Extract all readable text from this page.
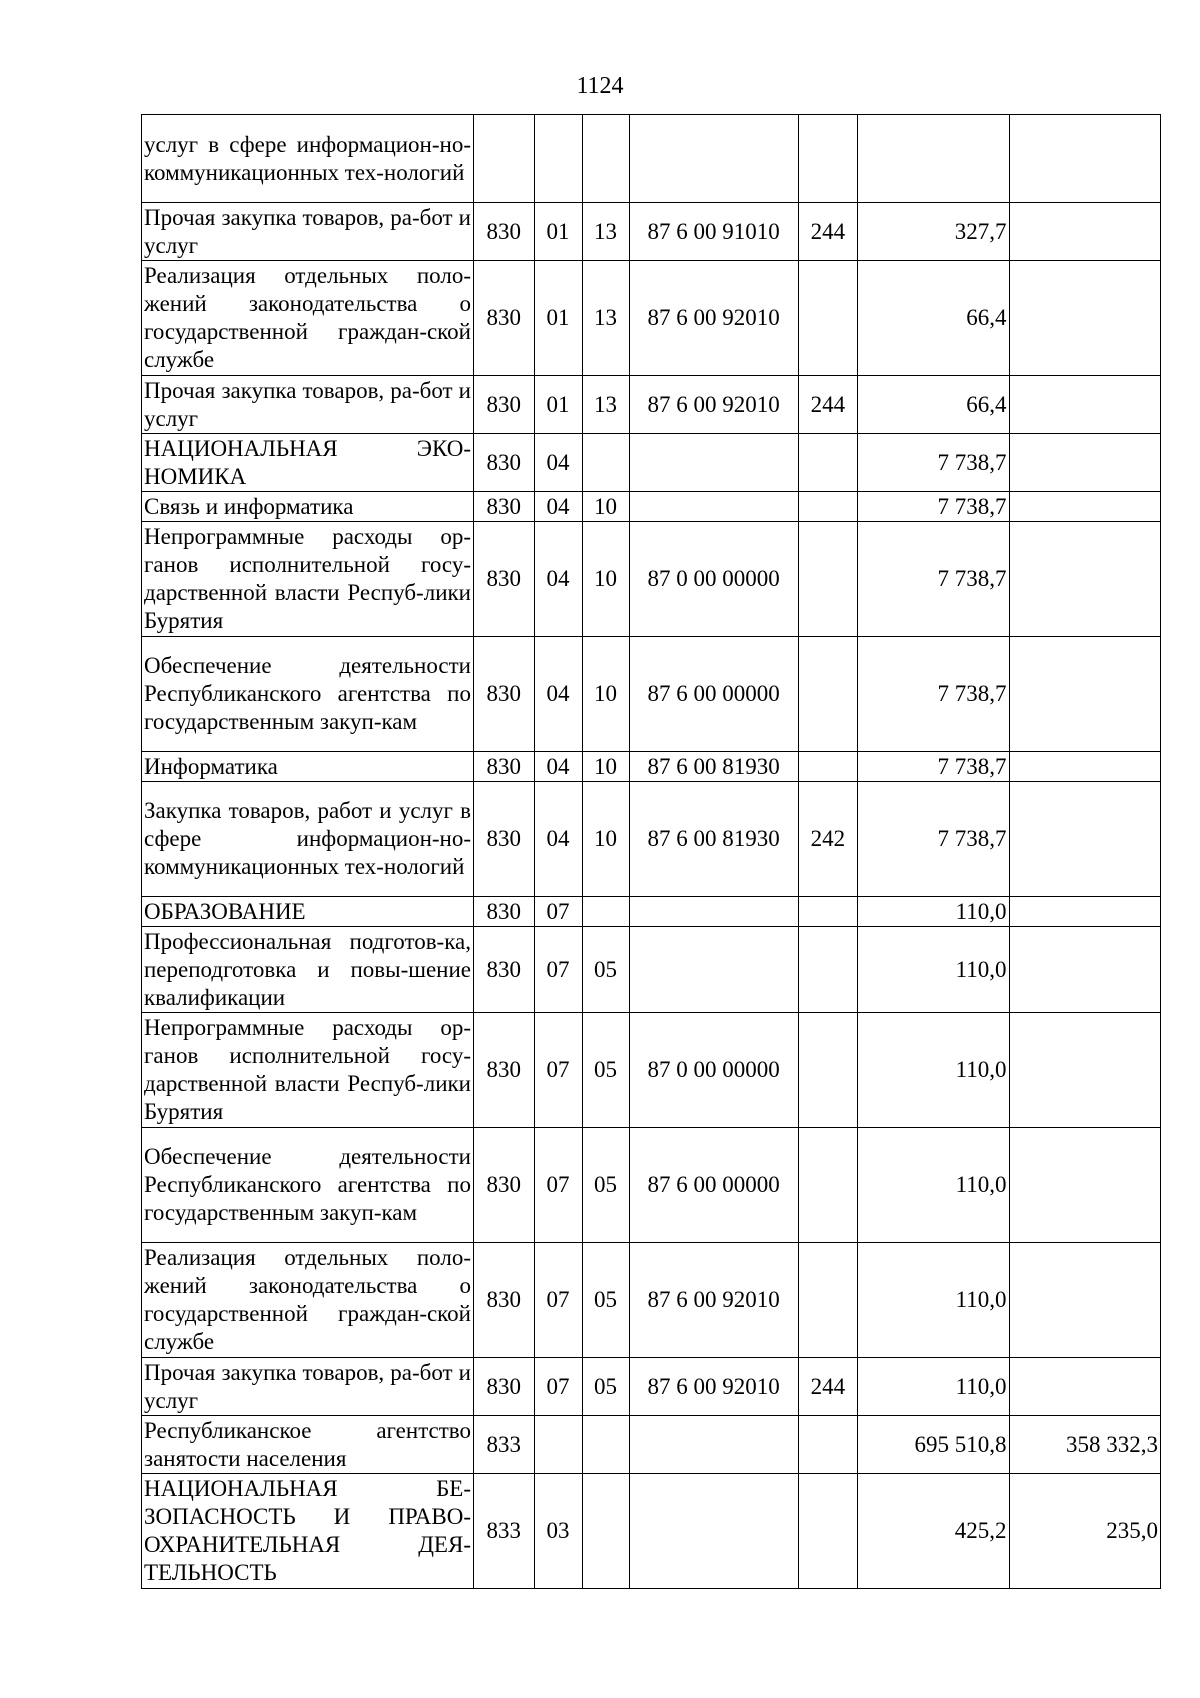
1124
услуг в сфере информацион-но-коммуникационных тех-нологий							
Прочая закупка товаров, ра-бот и услуг	830	01	13	87 6 00 91010	244	327,7	
Реализация отдельных поло-жений законодательства о государственной граждан-ской службе	830	01	13	87 6 00 92010		66,4	
Прочая закупка товаров, ра-бот и услуг	830	01	13	87 6 00 92010	244	66,4	
НАЦИОНАЛЬНАЯ ЭКО-НОМИКА	830	04				7 738,7	
Связь и информатика	830	04	10			7 738,7	
Непрограммные расходы ор-ганов исполнительной госу-дарственной власти Респуб-лики Бурятия	830	04	10	87 0 00 00000		7 738,7	
Обеспечение деятельности Республиканского агентства по государственным закуп-кам	830	04	10	87 6 00 00000		7 738,7	
Информатика	830	04	10	87 6 00 81930		7 738,7	
Закупка товаров, работ и услуг в сфере информацион-но-коммуникационных тех-нологий	830	04	10	87 6 00 81930	242	7 738,7	
ОБРАЗОВАНИЕ	830	07				110,0	
Профессиональная подготов-ка, переподготовка и повы-шение квалификации	830	07	05			110,0	
Непрограммные расходы ор-ганов исполнительной госу-дарственной власти Респуб-лики Бурятия	830	07	05	87 0 00 00000		110,0	
Обеспечение деятельности Республиканского агентства по государственным закуп-кам	830	07	05	87 6 00 00000		110,0	
Реализация отдельных поло-жений законодательства о государственной граждан-ской службе	830	07	05	87 6 00 92010		110,0	
Прочая закупка товаров, ра-бот и услуг	830	07	05	87 6 00 92010	244	110,0	
Республиканское агентство занятости населения	833					695 510,8	358 332,3
НАЦИОНАЛЬНАЯ БЕ-ЗОПАСНОСТЬ И ПРАВО-ОХРАНИТЕЛЬНАЯ ДЕЯ-ТЕЛЬНОСТЬ	833	03				425,2	235,0
